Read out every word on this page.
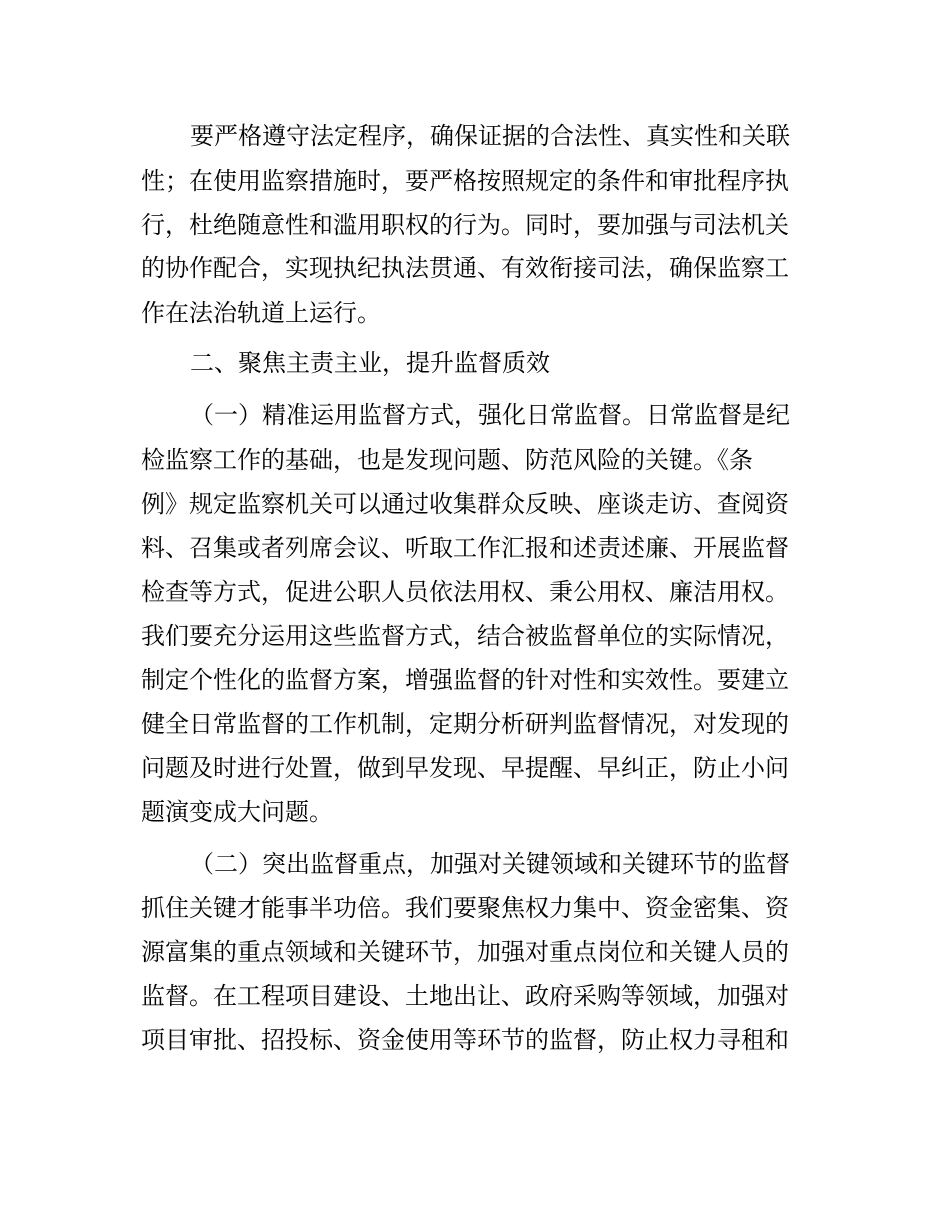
要严格遵守法定程序，确保证据的合法性、真实性和关联
性；在使用监察措施时，要严格按照规定的条件和审批程序执
行，杜绝随意性和滥用职权的行为。同时，要加强与司法机关
的协作配合，实现执纪执法贯通、有效衔接司法，确保监察工
作在法治轨道上运行。
二、聚焦主责主业，提升监督质效
（一）精准运用监督方式，强化日常监督。日常监督是纪
检监察工作的基础，也是发现问题、防范风险的关键。《条
例》规定监察机关可以通过收集群众反映、座谈走访、查阅资
料、召集或者列席会议、听取工作汇报和述责述廉、开展监督
检查等方式，促进公职人员依法用权、秉公用权、廉洁用权。
我们要充分运用这些监督方式，结合被监督单位的实际情况，
制定个性化的监督方案，增强监督的针对性和实效性。要建立
健全日常监督的工作机制，定期分析研判监督情况，对发现的
问题及时进行处置，做到早发现、早提醒、早纠正，防止小问
题演变成大问题。
（二）突出监督重点，加强对关键领域和关键环节的监督
抓住关键才能事半功倍。我们要聚焦权力集中、资金密集、资
源富集的重点领域和关键环节，加强对重点岗位和关键人员的
监督。在工程项目建设、土地出让、政府采购等领域，加强对
项目审批、招投标、资金使用等环节的监督，防止权力寻租和
